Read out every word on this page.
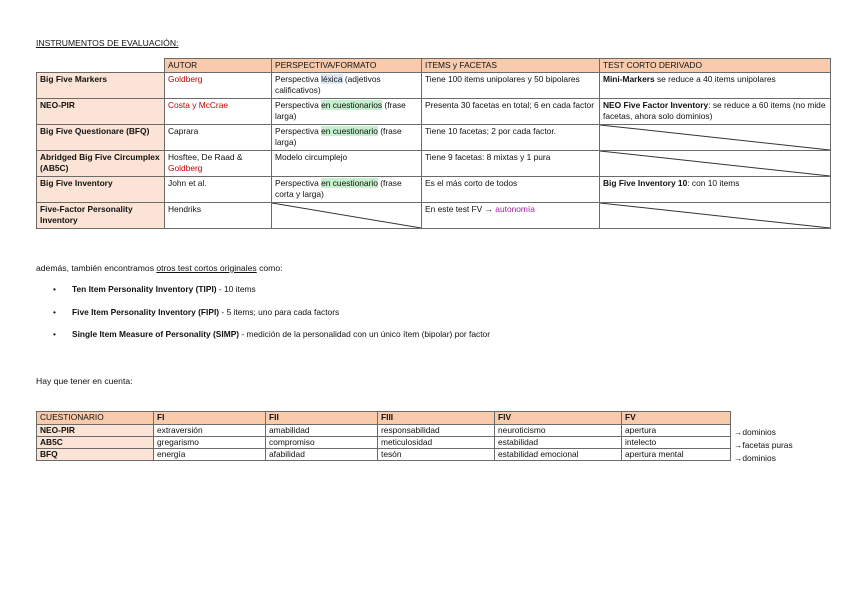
INSTRUMENTOS DE EVALUACIÓN:
	AUTOR	PERSPECTIVA/FORMATO	ITEMS y FACETAS	TEST CORTO DERIVADO
Big Five Markers	Goldberg	Perspectiva léxica (adjetivos calificativos)	Tiene 100 items unipolares y 50 bipolares	Mini-Markers se reduce a 40 items unipolares
NEO-PIR	Costa y McCrae	Perspectiva en cuestionarios (frase larga)	Presenta 30 facetas en total; 6 en cada factor	NEO Five Factor Inventory: se reduce a 60 items (no mide facetas, ahora solo dominios)
Big Five Questionare (BFQ)	Caprara	Perspectiva en cuestionario (frase larga)	Tiene 10 facetas; 2 por cada factor.	

Abridged Big Five Circumplex (AB5C)	Hosftee, De Raad & Goldberg	Modelo circumplejo	Tiene 9 facetas: 8 mixtas y 1 pura	

Big Five Inventory	John et al.	Perspectiva en cuestionario (frase corta y larga)	Es el más corto de todos	Big Five Inventory 10: con 10 items
Five-Factor Personality Inventory	Hendriks		En este test FV → autonomía	
además, también encontramos otros test cortos originales como:
• Ten Item Personality Inventory (TIPI) - 10 items
• Five Item Personality Inventory (FIPI) - 5 items; uno para cada factors
• Single Item Measure of Personality (SIMP) - medición de la personalidad con un único ítem (bipolar) por factor
Hay que tener en cuenta:
CUESTIONARIO	FI	FII	FIII	FIV	FV
NEO-PIR	extraversión	amabilidad	responsabilidad	neuroticismo	apertura
AB5C	gregarismo	compromiso	meticulosidad	estabilidad	intelecto
BFQ	energía	afabilidad	tesón	estabilidad emocional	apertura mental
→dominios
→facetas puras
→dominios
